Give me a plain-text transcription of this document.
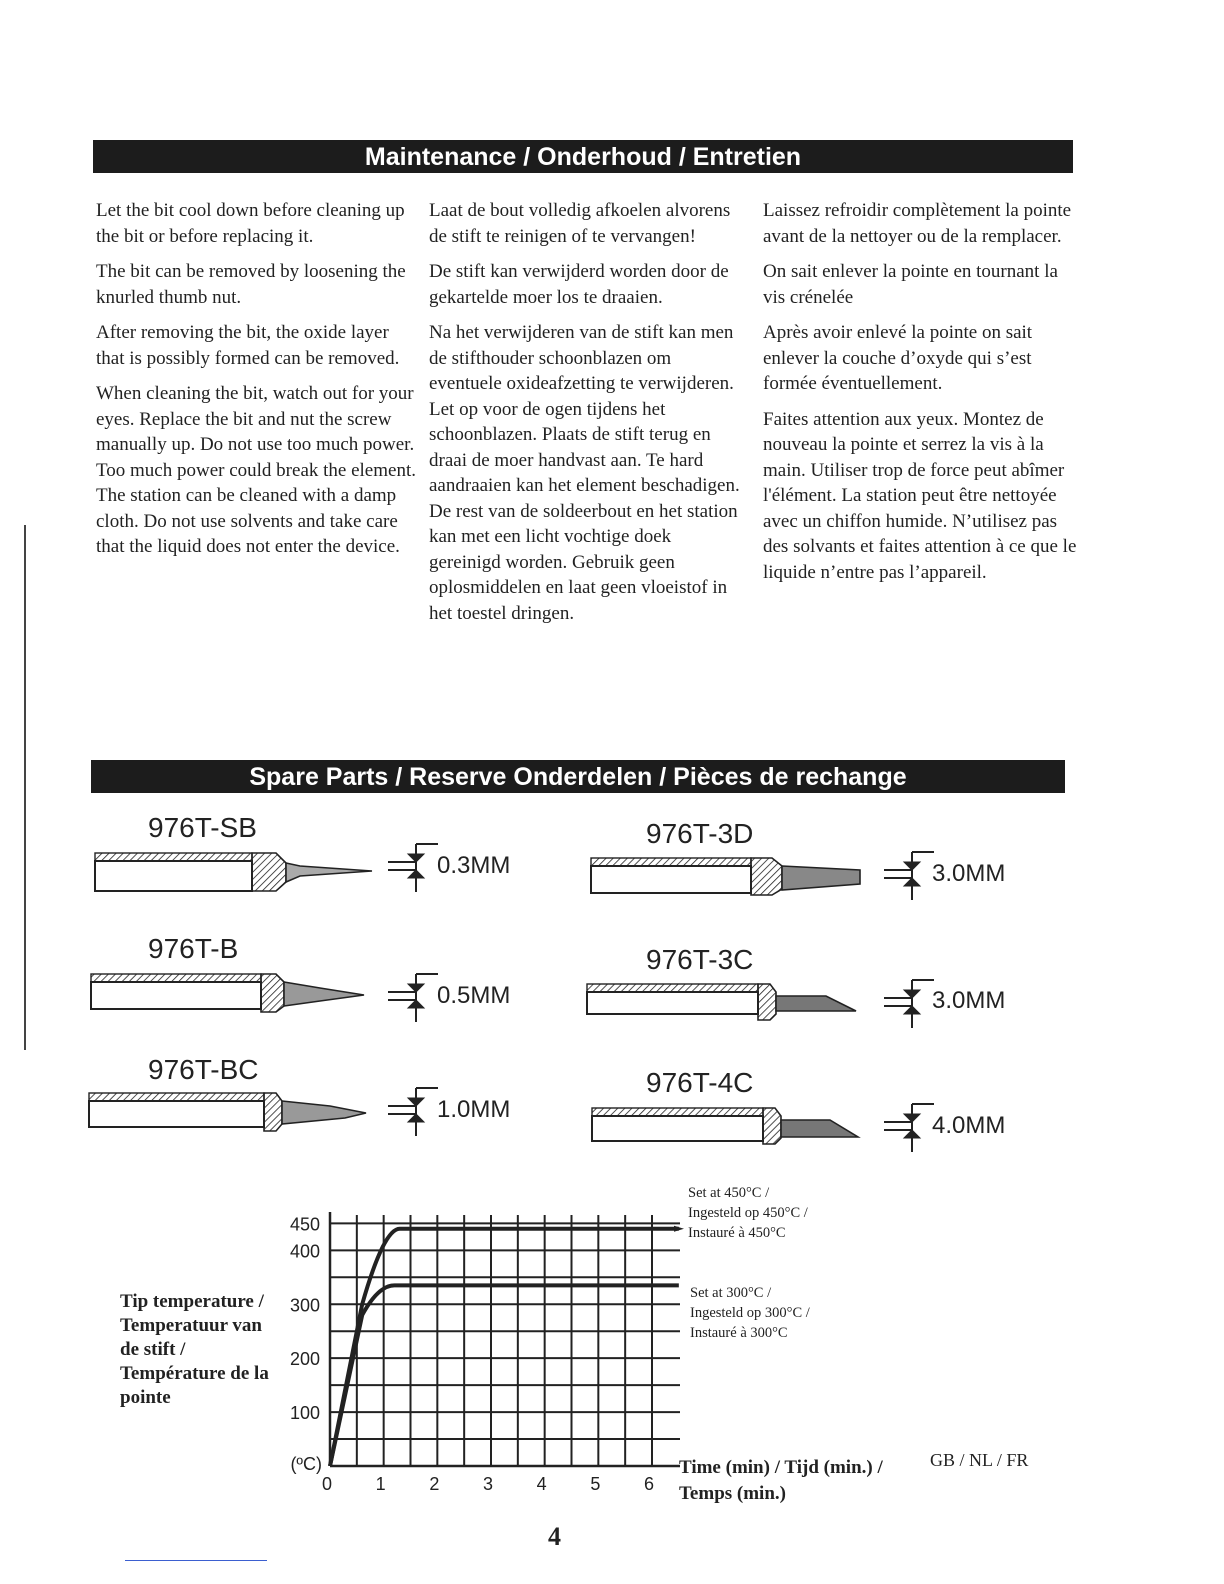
Maintenance / Onderhoud / Entretien

Let the bit cool down before cleaning up the bit or before replacing it.

The bit can be removed by loosening the knurled thumb nut.

After removing the bit, the oxide layer that is possibly formed can be removed.

When cleaning the bit, watch out for your eyes. Replace the bit and nut the screw manually up. Do not use too much power. Too much power could break the element. The station can be cleaned with a damp cloth. Do not use solvents and take care that the liquid does not enter the device.

Laat de bout volledig afkoelen alvorens de stift te reinigen of te vervangen!

De stift kan verwijderd worden door de gekartelde moer los te draaien.

Na het verwijderen van de stift kan men de stifthouder schoonblazen om eventuele oxideafzetting te verwijderen. Let op voor de ogen tijdens het schoonblazen. Plaats de stift terug en draai de moer handvast aan. Te hard aandraaien kan het element beschadigen. De rest van de soldeerbout en het station kan met een licht vochtige doek gereinigd worden. Gebruik geen oplosmiddelen en laat geen vloeistof in het toestel dringen.

Laissez refroidir complètement la pointe avant de la nettoyer ou de la remplacer.

On sait enlever la pointe en tournant la vis crénelée

Après avoir enlevé la pointe on sait enlever la couche d’oxyde qui s’est formée éventuellement.

Faites attention aux yeux. Montez de nouveau la pointe et serrez la vis à la main. Utiliser trop de force peut abîmer l'élément. La station peut être nettoyée avec un chiffon humide. N’utilisez pas des solvants et faites attention à ce que le liquide n’entre pas l’appareil.

Spare Parts / Reserve Onderdelen / Pièces de rechange
976T-SB	976T-3D
976T-B	976T-3C
976T-BC	976T-4C
0.3MM	3.0MM
0.5MM	3.0MM
1.0MM
4.0MM
100
200
300
400
450
(ºC)
0 1 2 3 4 5 6
Tip temperature / Temperatuur van de stift / Température de la pointe
Set at 450°C /
Ingesteld op 450°C /
Instauré à 450°C
Set at 300°C /
Ingesteld op 300°C /
Instauré à 300°C
Time (min) / Tijd (min.) / Temps (min.)
GB / NL / FR
4
